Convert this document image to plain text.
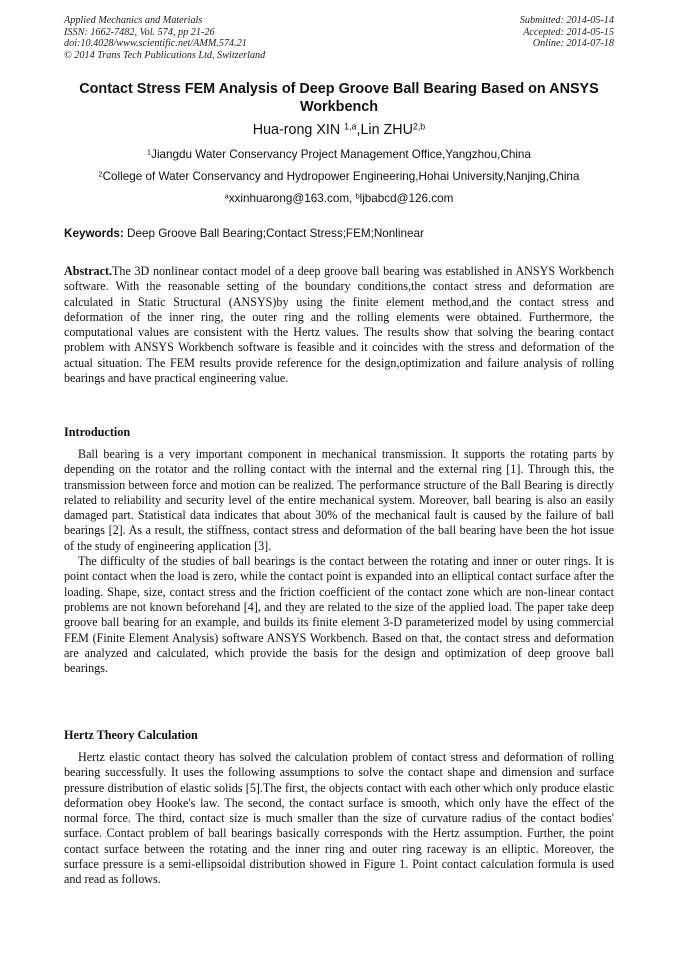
Applied Mechanics and Materials
ISSN: 1662-7482, Vol. 574, pp 21-26
doi:10.4028/www.scientific.net/AMM.574.21
© 2014 Trans Tech Publications Ltd, Switzerland
Submitted: 2014-05-14
Accepted: 2014-05-15
Online: 2014-07-18
Contact Stress FEM Analysis of Deep Groove Ball Bearing Based on ANSYS Workbench
Hua-rong XIN $^{1,a}$,Lin ZHU$^{2,b}$
$^1$Jiangdu Water Conservancy Project Management Office,Yangzhou,China
$^2$College of Water Conservancy and Hydropower Engineering,Hohai University,Nanjing,China
$^a$xxinhuarong@163.com, $^b$ljbabcd@126.com
Keywords: Deep Groove Ball Bearing;Contact Stress;FEM;Nonlinear

Abstract.The 3D nonlinear contact model of a deep groove ball bearing was established in ANSYS Workbench software. With the reasonable setting of the boundary conditions,the contact stress and deformation are calculated in Static Structural (ANSYS)by using the finite element method,and the contact stress and deformation of the inner ring, the outer ring and the rolling elements were obtained. Furthermore, the computational values are consistent with the Hertz values. The results show that solving the bearing contact problem with ANSYS Workbench software is feasible and it coincides with the stress and deformation of the actual situation. The FEM results provide reference for the design,optimization and failure analysis of rolling bearings and have practical engineering value.

Introduction

Ball bearing is a very important component in mechanical transmission. It supports the rotating parts by depending on the rotator and the rolling contact with the internal and the external ring [1]. Through this, the transmission between force and motion can be realized. The performance structure of the Ball Bearing is directly related to reliability and security level of the entire mechanical system. Moreover, ball bearing is also an easily damaged part. Statistical data indicates that about 30% of the mechanical fault is caused by the failure of ball bearings [2]. As a result, the stiffness, contact stress and deformation of the ball bearing have been the hot issue of the study of engineering application [3].

The difficulty of the studies of ball bearings is the contact between the rotating and inner or outer rings. It is point contact when the load is zero, while the contact point is expanded into an elliptical contact surface after the loading. Shape, size, contact stress and the friction coefficient of the contact zone which are non-linear contact problems are not known beforehand [4], and they are related to the size of the applied load. The paper take deep groove ball bearing for an example, and builds its finite element 3-D parameterized model by using commercial FEM (Finite Element Analysis) software ANSYS Workbench. Based on that, the contact stress and deformation are analyzed and calculated, which provide the basis for the design and optimization of deep groove ball bearings.

Hertz Theory Calculation

Hertz elastic contact theory has solved the calculation problem of contact stress and deformation of rolling bearing successfully. It uses the following assumptions to solve the contact shape and dimension and surface pressure distribution of elastic solids [5].The first, the objects contact with each other which only produce elastic deformation obey Hooke's law. The second, the contact surface is smooth, which only have the effect of the normal force. The third, contact size is much smaller than the size of curvature radius of the contact bodies' surface. Contact problem of ball bearings basically corresponds with the Hertz assumption. Further, the point contact surface between the rotating and the inner ring and outer ring raceway is an elliptic. Moreover, the surface pressure is a semi-ellipsoidal distribution showed in Figure 1. Point contact calculation formula is used and read as follows.
